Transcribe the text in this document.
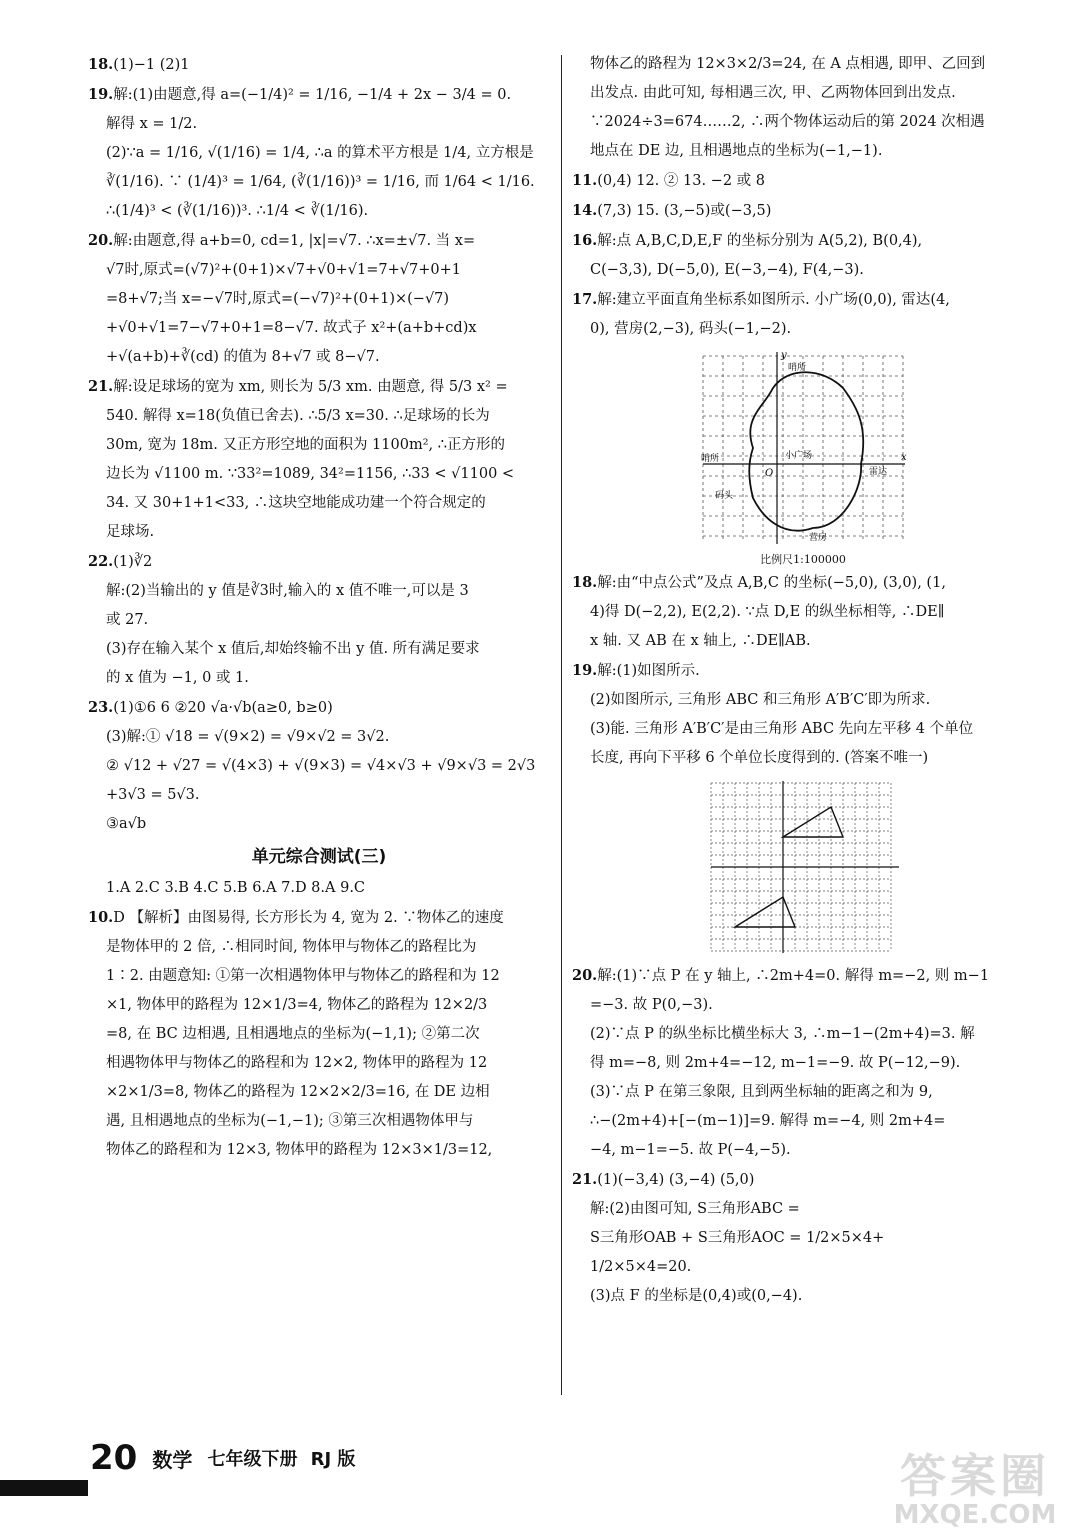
18.(1)−1 (2)1
19.解:(1)由题意,得 a=(−1/4)² = 1/16, −1/4 + 2x − 3/4 = 0.
解得 x = 1/2.
(2)∵a = 1/16, √(1/16) = 1/4, ∴a 的算术平方根是 1/4, 立方根是
∛(1/16). ∵ (1/4)³ = 1/64, (∛(1/16))³ = 1/16, 而 1/64 < 1/16.
∴(1/4)³ < (∛(1/16))³. ∴1/4 < ∛(1/16).
20.解:由题意,得 a+b=0, cd=1, |x|=√7. ∴x=±√7. 当 x=
√7时,原式=(√7)²+(0+1)×√7+√0+√1=7+√7+0+1
=8+√7;当 x=−√7时,原式=(−√7)²+(0+1)×(−√7)
+√0+√1=7−√7+0+1=8−√7. 故式子 x²+(a+b+cd)x
+√(a+b)+∛(cd) 的值为 8+√7 或 8−√7.
21.解:设足球场的宽为 xm, 则长为 5/3 xm. 由题意, 得 5/3 x² =
540. 解得 x=18(负值已舍去). ∴5/3 x=30. ∴足球场的长为
30m, 宽为 18m. 又正方形空地的面积为 1100m², ∴正方形的
边长为 √1100 m. ∵33²=1089, 34²=1156, ∴33 < √1100 <
34. 又 30+1+1<33, ∴这块空地能成功建一个符合规定的
足球场.
22.(1)∛2
解:(2)当输出的 y 值是∛3时,输入的 x 值不唯一,可以是 3
或 27.
(3)存在输入某个 x 值后,却始终输不出 y 值. 所有满足要求
的 x 值为 −1, 0 或 1.
23.(1)①6 6 ②20 √a·√b(a≥0, b≥0)
(3)解:① √18 = √(9×2) = √9×√2 = 3√2.
② √12 + √27 = √(4×3) + √(9×3) = √4×√3 + √9×√3 = 2√3
+3√3 = 5√3.
③a√b
单元综合测试(三)
1.A 2.C 3.B 4.C 5.B 6.A 7.D 8.A 9.C
10.D 【解析】由图易得, 长方形长为 4, 宽为 2. ∵物体乙的速度
是物体甲的 2 倍, ∴相同时间, 物体甲与物体乙的路程比为
1∶2. 由题意知: ①第一次相遇物体甲与物体乙的路程和为 12
×1, 物体甲的路程为 12×1/3=4, 物体乙的路程为 12×2/3
=8, 在 BC 边相遇, 且相遇地点的坐标为(−1,1); ②第二次
相遇物体甲与物体乙的路程和为 12×2, 物体甲的路程为 12
×2×1/3=8, 物体乙的路程为 12×2×2/3=16, 在 DE 边相
遇, 且相遇地点的坐标为(−1,−1); ③第三次相遇物体甲与
物体乙的路程和为 12×3, 物体甲的路程为 12×3×1/3=12,
物体乙的路程为 12×3×2/3=24, 在 A 点相遇, 即甲、乙回到
出发点. 由此可知, 每相遇三次, 甲、乙两物体回到出发点.
∵2024÷3=674……2, ∴两个物体运动后的第 2024 次相遇
地点在 DE 边, 且相遇地点的坐标为(−1,−1).
11.(0,4) 12. ② 13. −2 或 8
14.(7,3) 15. (3,−5)或(−3,5)
16.解:点 A,B,C,D,E,F 的坐标分别为 A(5,2), B(0,4),
C(−3,3), D(−5,0), E(−3,−4), F(4,−3).
17.解:建立平面直角坐标系如图所示. 小广场(0,0), 雷达(4,
0), 营房(2,−3), 码头(−1,−2).
哨所
哨所	小广场
雷达
码头
营房
O
x
y
比例尺1:100000
18.解:由“中点公式”及点 A,B,C 的坐标(−5,0), (3,0), (1,
4)得 D(−2,2), E(2,2). ∵点 D,E 的纵坐标相等, ∴DE∥
x 轴. 又 AB 在 x 轴上, ∴DE∥AB.
19.解:(1)如图所示.
(2)如图所示, 三角形 ABC 和三角形 A′B′C′即为所求.
(3)能. 三角形 A′B′C′是由三角形 ABC 先向左平移 4 个单位
长度, 再向下平移 6 个单位长度得到的. (答案不唯一)
20.解:(1)∵点 P 在 y 轴上, ∴2m+4=0. 解得 m=−2, 则 m−1
=−3. 故 P(0,−3).
(2)∵点 P 的纵坐标比横坐标大 3, ∴m−1−(2m+4)=3. 解
得 m=−8, 则 2m+4=−12, m−1=−9. 故 P(−12,−9).
(3)∵点 P 在第三象限, 且到两坐标轴的距离之和为 9,
∴−(2m+4)+[−(m−1)]=9. 解得 m=−4, 则 2m+4=
−4, m−1=−5. 故 P(−4,−5).
21.(1)(−3,4) (3,−4) (5,0)
解:(2)由图可知, S三角形ABC =
S三角形OAB + S三角形AOC = 1/2×5×4+
1/2×5×4=20.
(3)点 F 的坐标是(0,4)或(0,−4).
20 数学 七年级下册 RJ 版	答案圈
MXQE.COM
